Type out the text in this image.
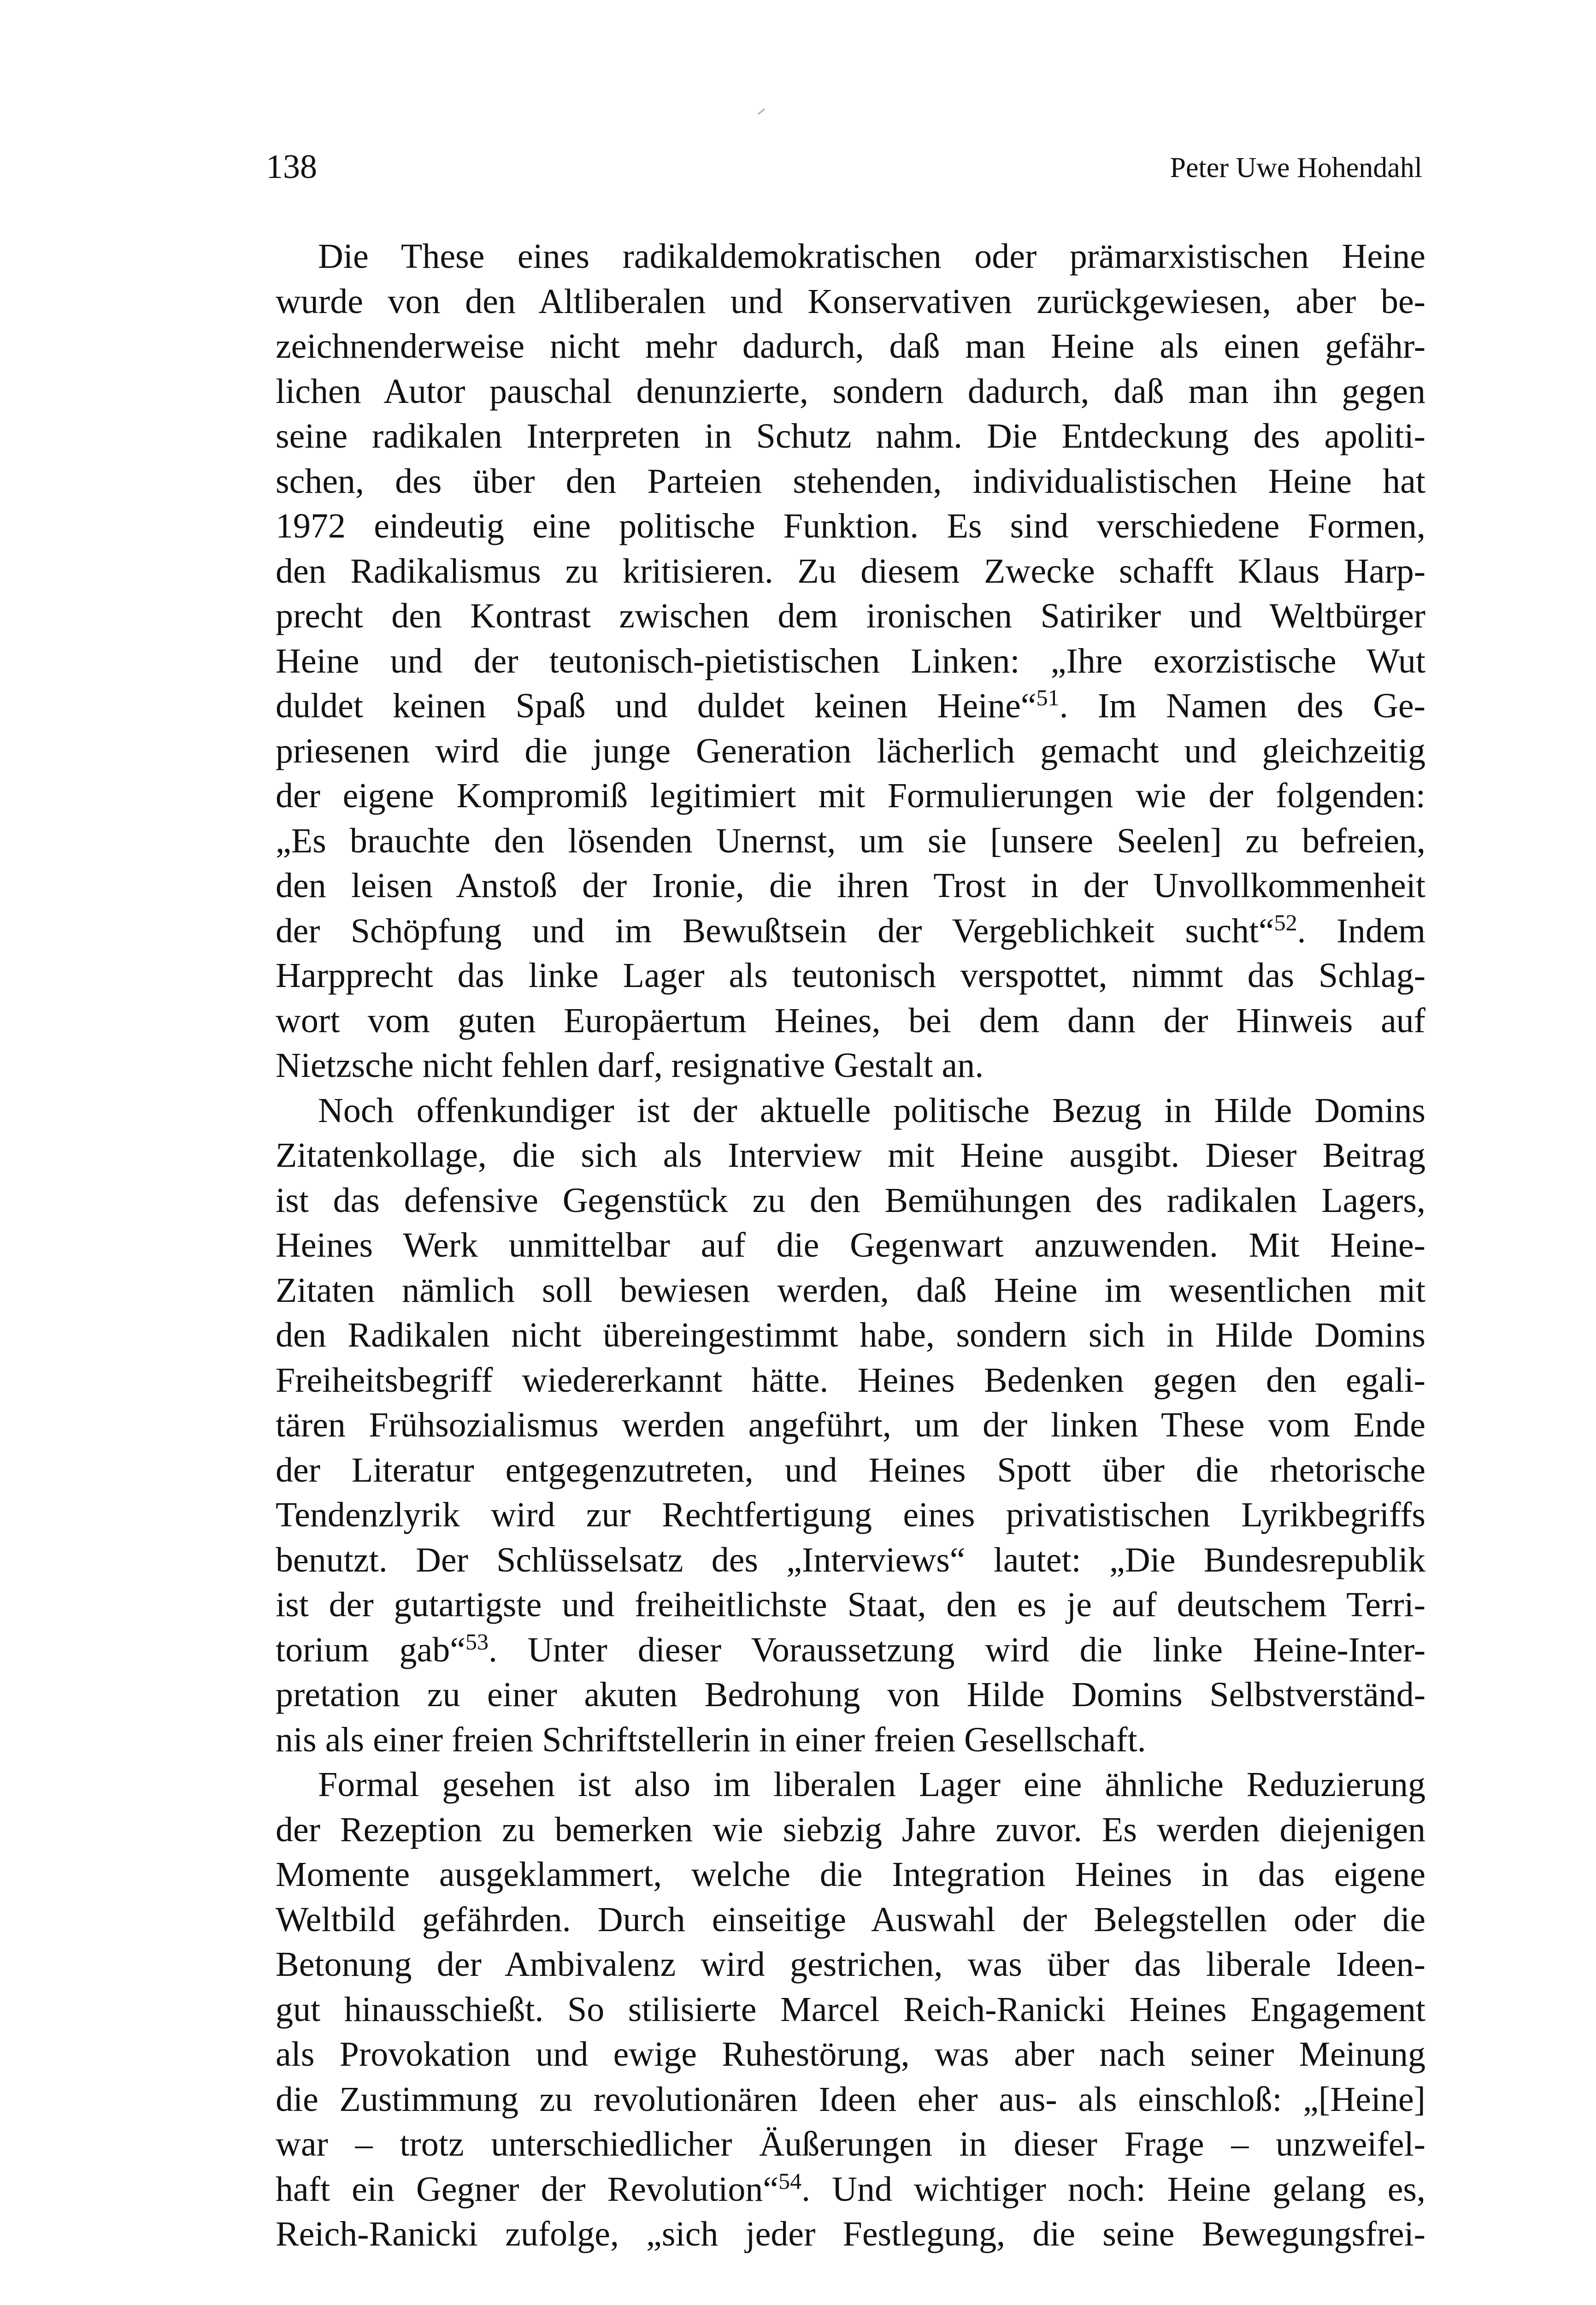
138	Peter Uwe Hohendahl
Die These eines radikaldemokratischen oder prämarxistischen Heine
wurde von den Altliberalen und Konservativen zurückgewiesen, aber be-
zeichnenderweise nicht mehr dadurch, daß man Heine als einen gefähr-
lichen Autor pauschal denunzierte, sondern dadurch, daß man ihn gegen
seine radikalen Interpreten in Schutz nahm. Die Entdeckung des apoliti-
schen, des über den Parteien stehenden, individualistischen Heine hat
1972 eindeutig eine politische Funktion. Es sind verschiedene Formen,
den Radikalismus zu kritisieren. Zu diesem Zwecke schafft Klaus Harp-
precht den Kontrast zwischen dem ironischen Satiriker und Weltbürger
Heine und der teutonisch-pietistischen Linken: „Ihre exorzistische Wut
duldet keinen Spaß und duldet keinen Heine“$^{51}$. Im Namen des Ge-
priesenen wird die junge Generation lächerlich gemacht und gleichzeitig
der eigene Kompromiß legitimiert mit Formulierungen wie der folgenden:
„Es brauchte den lösenden Unernst, um sie [unsere Seelen] zu befreien,
den leisen Anstoß der Ironie, die ihren Trost in der Unvollkommenheit
der Schöpfung und im Bewußtsein der Vergeblichkeit sucht“$^{52}$. Indem
Harpprecht das linke Lager als teutonisch verspottet, nimmt das Schlag-
wort vom guten Europäertum Heines, bei dem dann der Hinweis auf
Nietzsche nicht fehlen darf, resignative Gestalt an.
Noch offenkundiger ist der aktuelle politische Bezug in Hilde Domins
Zitatenkollage, die sich als Interview mit Heine ausgibt. Dieser Beitrag
ist das defensive Gegenstück zu den Bemühungen des radikalen Lagers,
Heines Werk unmittelbar auf die Gegenwart anzuwenden. Mit Heine-
Zitaten nämlich soll bewiesen werden, daß Heine im wesentlichen mit
den Radikalen nicht übereingestimmt habe, sondern sich in Hilde Domins
Freiheitsbegriff wiedererkannt hätte. Heines Bedenken gegen den egali-
tären Frühsozialismus werden angeführt, um der linken These vom Ende
der Literatur entgegenzutreten, und Heines Spott über die rhetorische
Tendenzlyrik wird zur Rechtfertigung eines privatistischen Lyrikbegriffs
benutzt. Der Schlüsselsatz des „Interviews“ lautet: „Die Bundesrepublik
ist der gutartigste und freiheitlichste Staat, den es je auf deutschem Terri-
torium gab“$^{53}$. Unter dieser Voraussetzung wird die linke Heine-Inter-
pretation zu einer akuten Bedrohung von Hilde Domins Selbstverständ-
nis als einer freien Schriftstellerin in einer freien Gesellschaft.
Formal gesehen ist also im liberalen Lager eine ähnliche Reduzierung
der Rezeption zu bemerken wie siebzig Jahre zuvor. Es werden diejenigen
Momente ausgeklammert, welche die Integration Heines in das eigene
Weltbild gefährden. Durch einseitige Auswahl der Belegstellen oder die
Betonung der Ambivalenz wird gestrichen, was über das liberale Ideen-
gut hinausschießt. So stilisierte Marcel Reich-Ranicki Heines Engagement
als Provokation und ewige Ruhestörung, was aber nach seiner Meinung
die Zustimmung zu revolutionären Ideen eher aus- als einschloß: „[Heine]
war – trotz unterschiedlicher Äußerungen in dieser Frage – unzweifel-
haft ein Gegner der Revolution“$^{54}$. Und wichtiger noch: Heine gelang es,
Reich-Ranicki zufolge, „sich jeder Festlegung, die seine Bewegungsfrei-
